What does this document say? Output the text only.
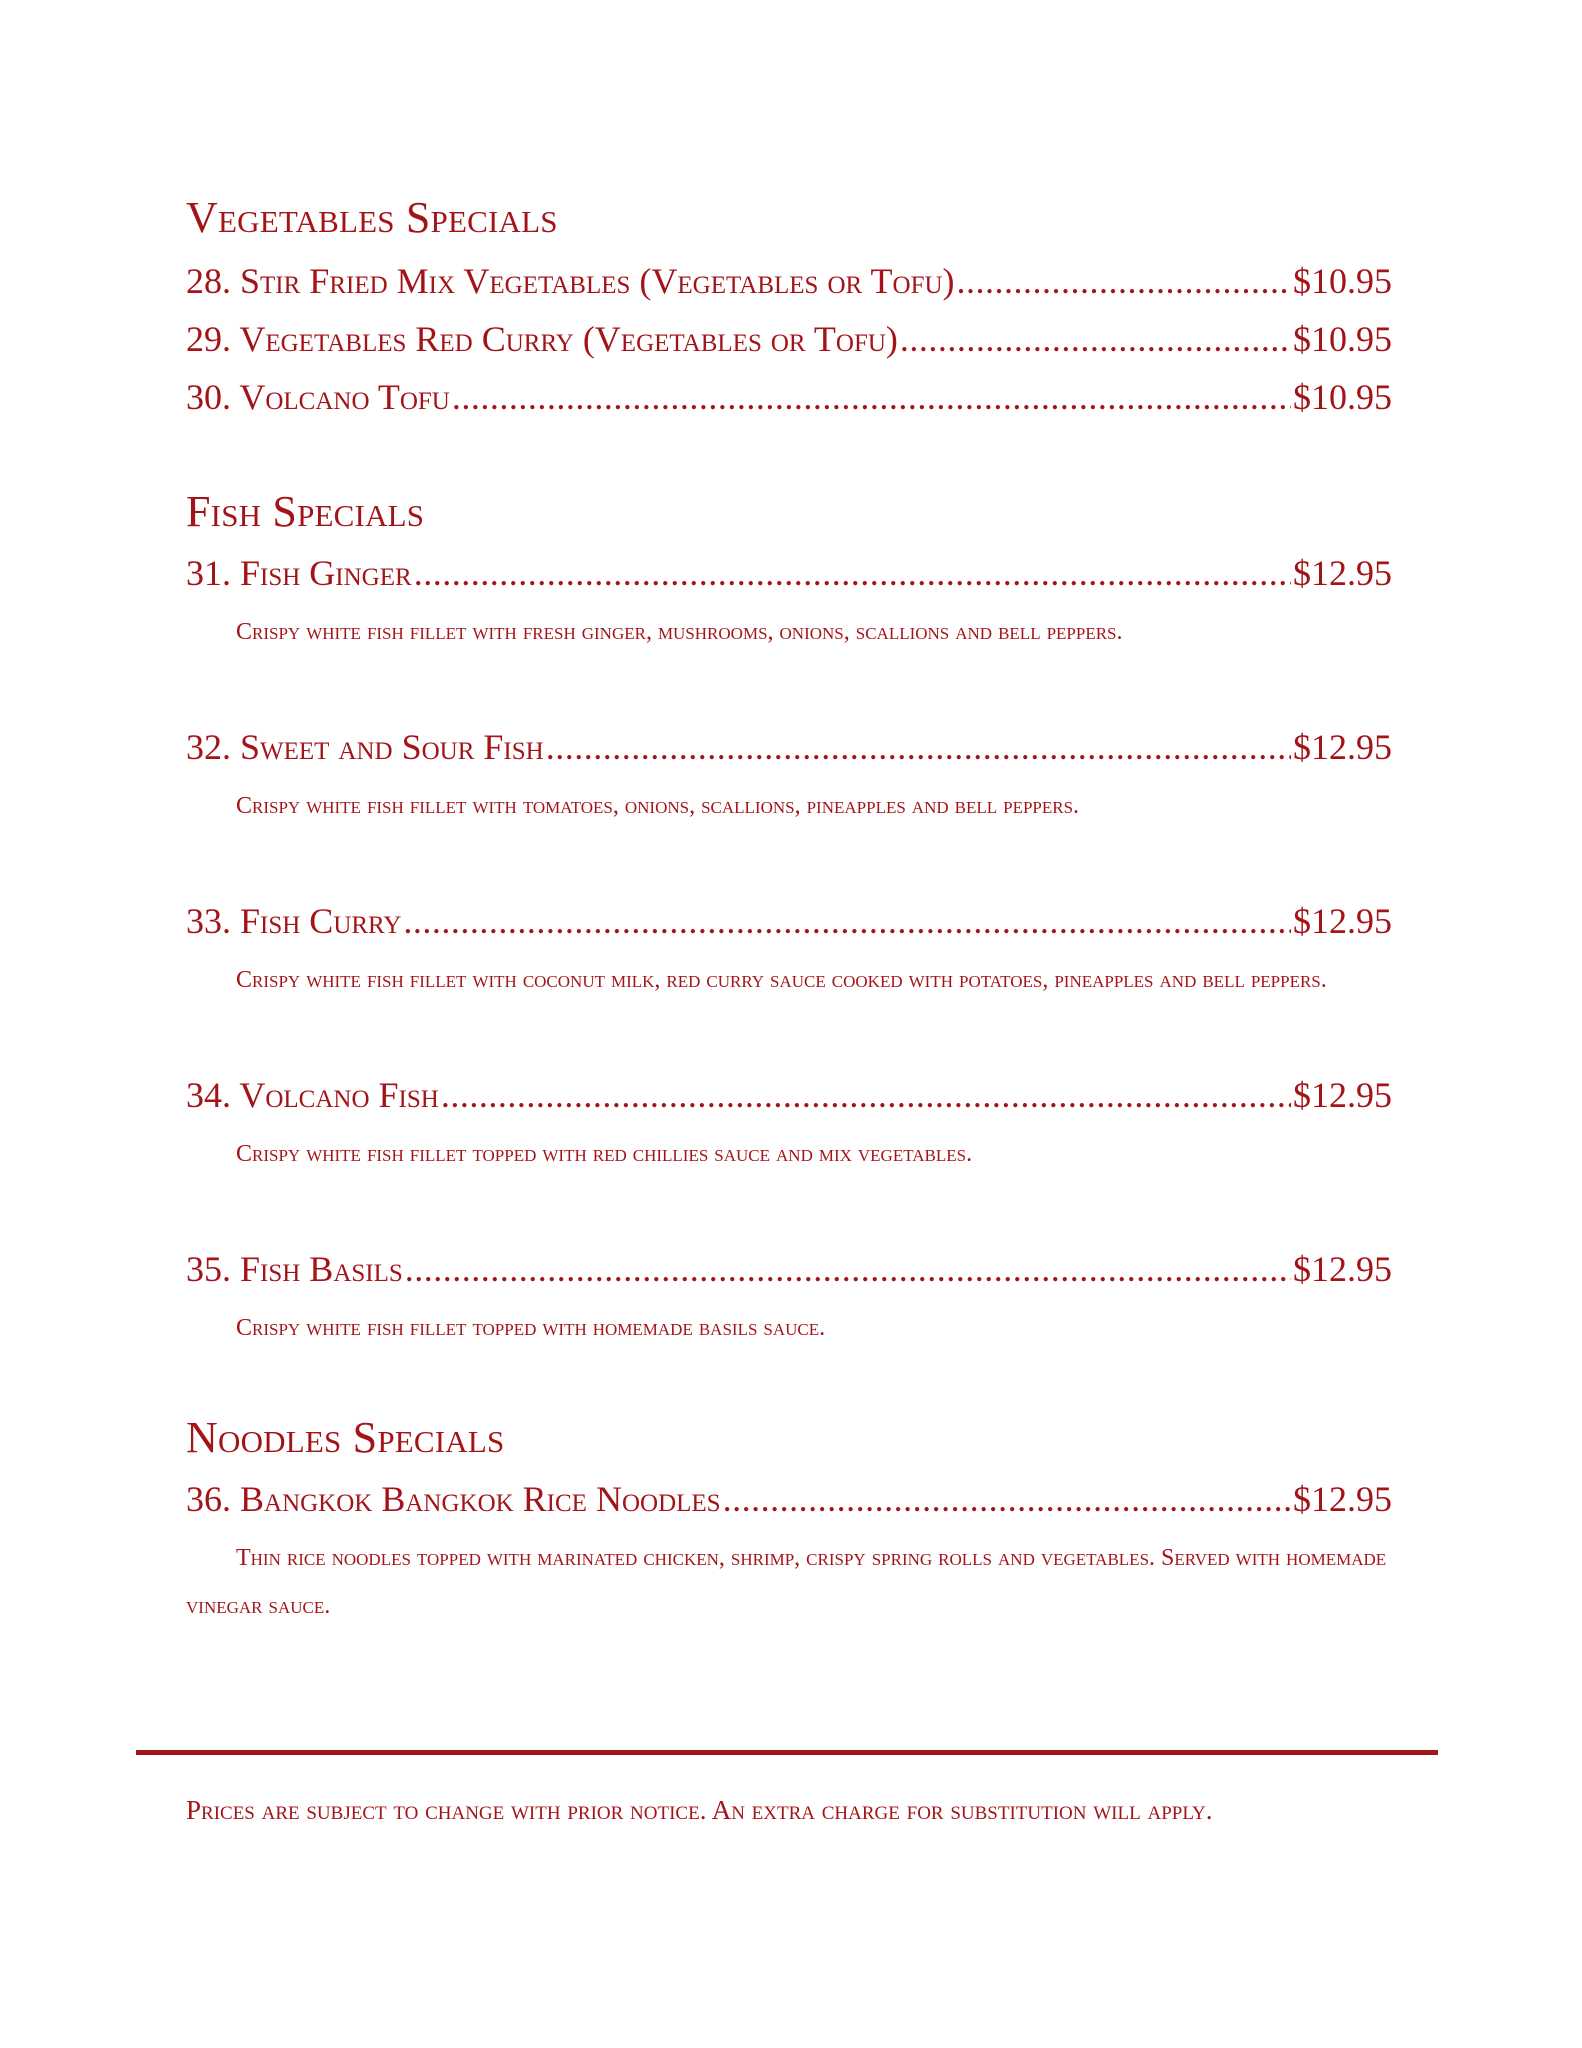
Vegetables Specials
28. Stir Fried Mix Vegetables (Vegetables or Tofu) .....	$10.95
29. Vegetables Red Curry (Vegetables or Tofu) .....	$10.95
30. Volcano Tofu .....	$10.95
Fish Specials
31. Fish Ginger .....	$12.95

Crispy white fish fillet with fresh ginger, mushrooms, onions, scallions and bell peppers.

32. Sweet and Sour Fish .....	$12.95

Crispy white fish fillet with tomatoes, onions, scallions, pineapples and bell peppers.

33. Fish Curry .....	$12.95

Crispy white fish fillet with coconut milk, red curry sauce cooked with potatoes, pineapples and bell peppers.

34. Volcano Fish .....	$12.95

Crispy white fish fillet topped with red chillies sauce and mix vegetables.

35. Fish Basils .....	$12.95

Crispy white fish fillet topped with homemade basils sauce.

Noodles Specials
36. Bangkok Bangkok Rice Noodles .....	$12.95

Thin rice noodles topped with marinated chicken, shrimp, crispy spring rolls and vegetables. Served with homemade vinegar sauce.

Prices are subject to change with prior notice. An extra charge for substitution will apply.
